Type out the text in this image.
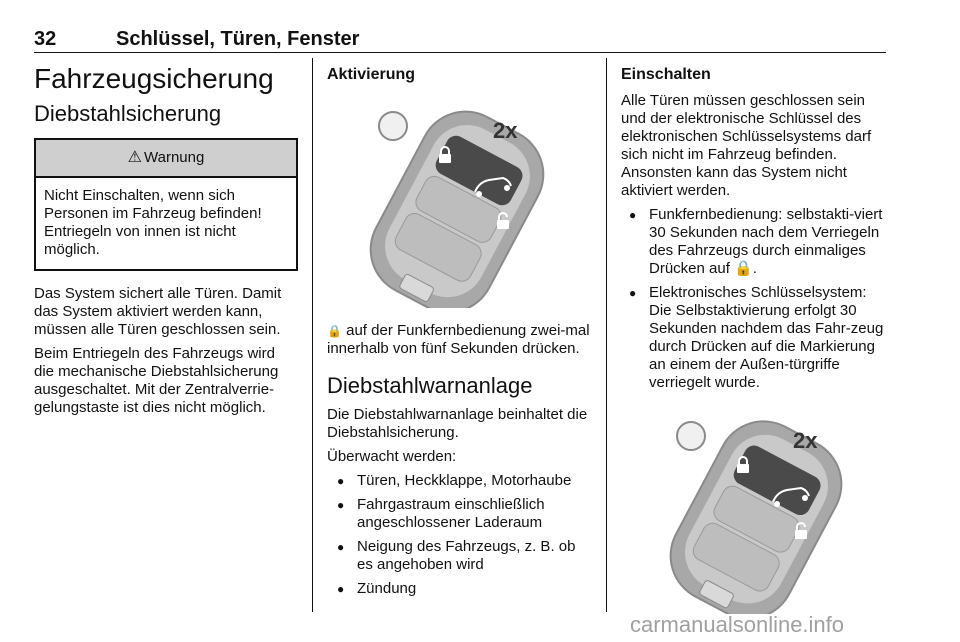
32	Schlüssel, Türen, Fenster
Fahrzeugsicherung
Diebstahlsicherung
⚠ Warnung
Nicht Einschalten, wenn sich Personen im Fahrzeug befinden! Entriegeln von innen ist nicht möglich.

Das System sichert alle Türen. Damit das System aktiviert werden kann, müssen alle Türen geschlossen sein.

Beim Entriegeln des Fahrzeugs wird die mechanische Diebstahlsicherung ausgeschaltet. Mit der Zentralverrie‐gelungstaste ist dies nicht möglich.

Aktivierung
2x

🔒 auf der Funkfernbedienung zwei‐mal innerhalb von fünf Sekunden drücken.

Diebstahlwarnanlage

Die Diebstahlwarnanlage beinhaltet die Diebstahlsicherung.

Überwacht werden:

● Türen, Heckklappe, Motorhaube
● Fahrgastraum einschließlich angeschlossener Laderaum
● Neigung des Fahrzeugs, z. B. ob es angehoben wird
● Zündung
Einschalten

Alle Türen müssen geschlossen sein und der elektronische Schlüssel des elektronischen Schlüsselsystems darf sich nicht im Fahrzeug befinden. Ansonsten kann das System nicht aktiviert werden.

● Funkfernbedienung: selbstakti‐viert 30 Sekunden nach dem Verriegeln des Fahrzeugs durch einmaliges Drücken auf 🔒.
● Elektronisches Schlüsselsystem: Die Selbstaktivierung erfolgt 30 Sekunden nachdem das Fahr‐zeug durch Drücken auf die Markierung an einem der Außen‐türgriffe verriegelt wurde.
2x
carmanualsonline.info
